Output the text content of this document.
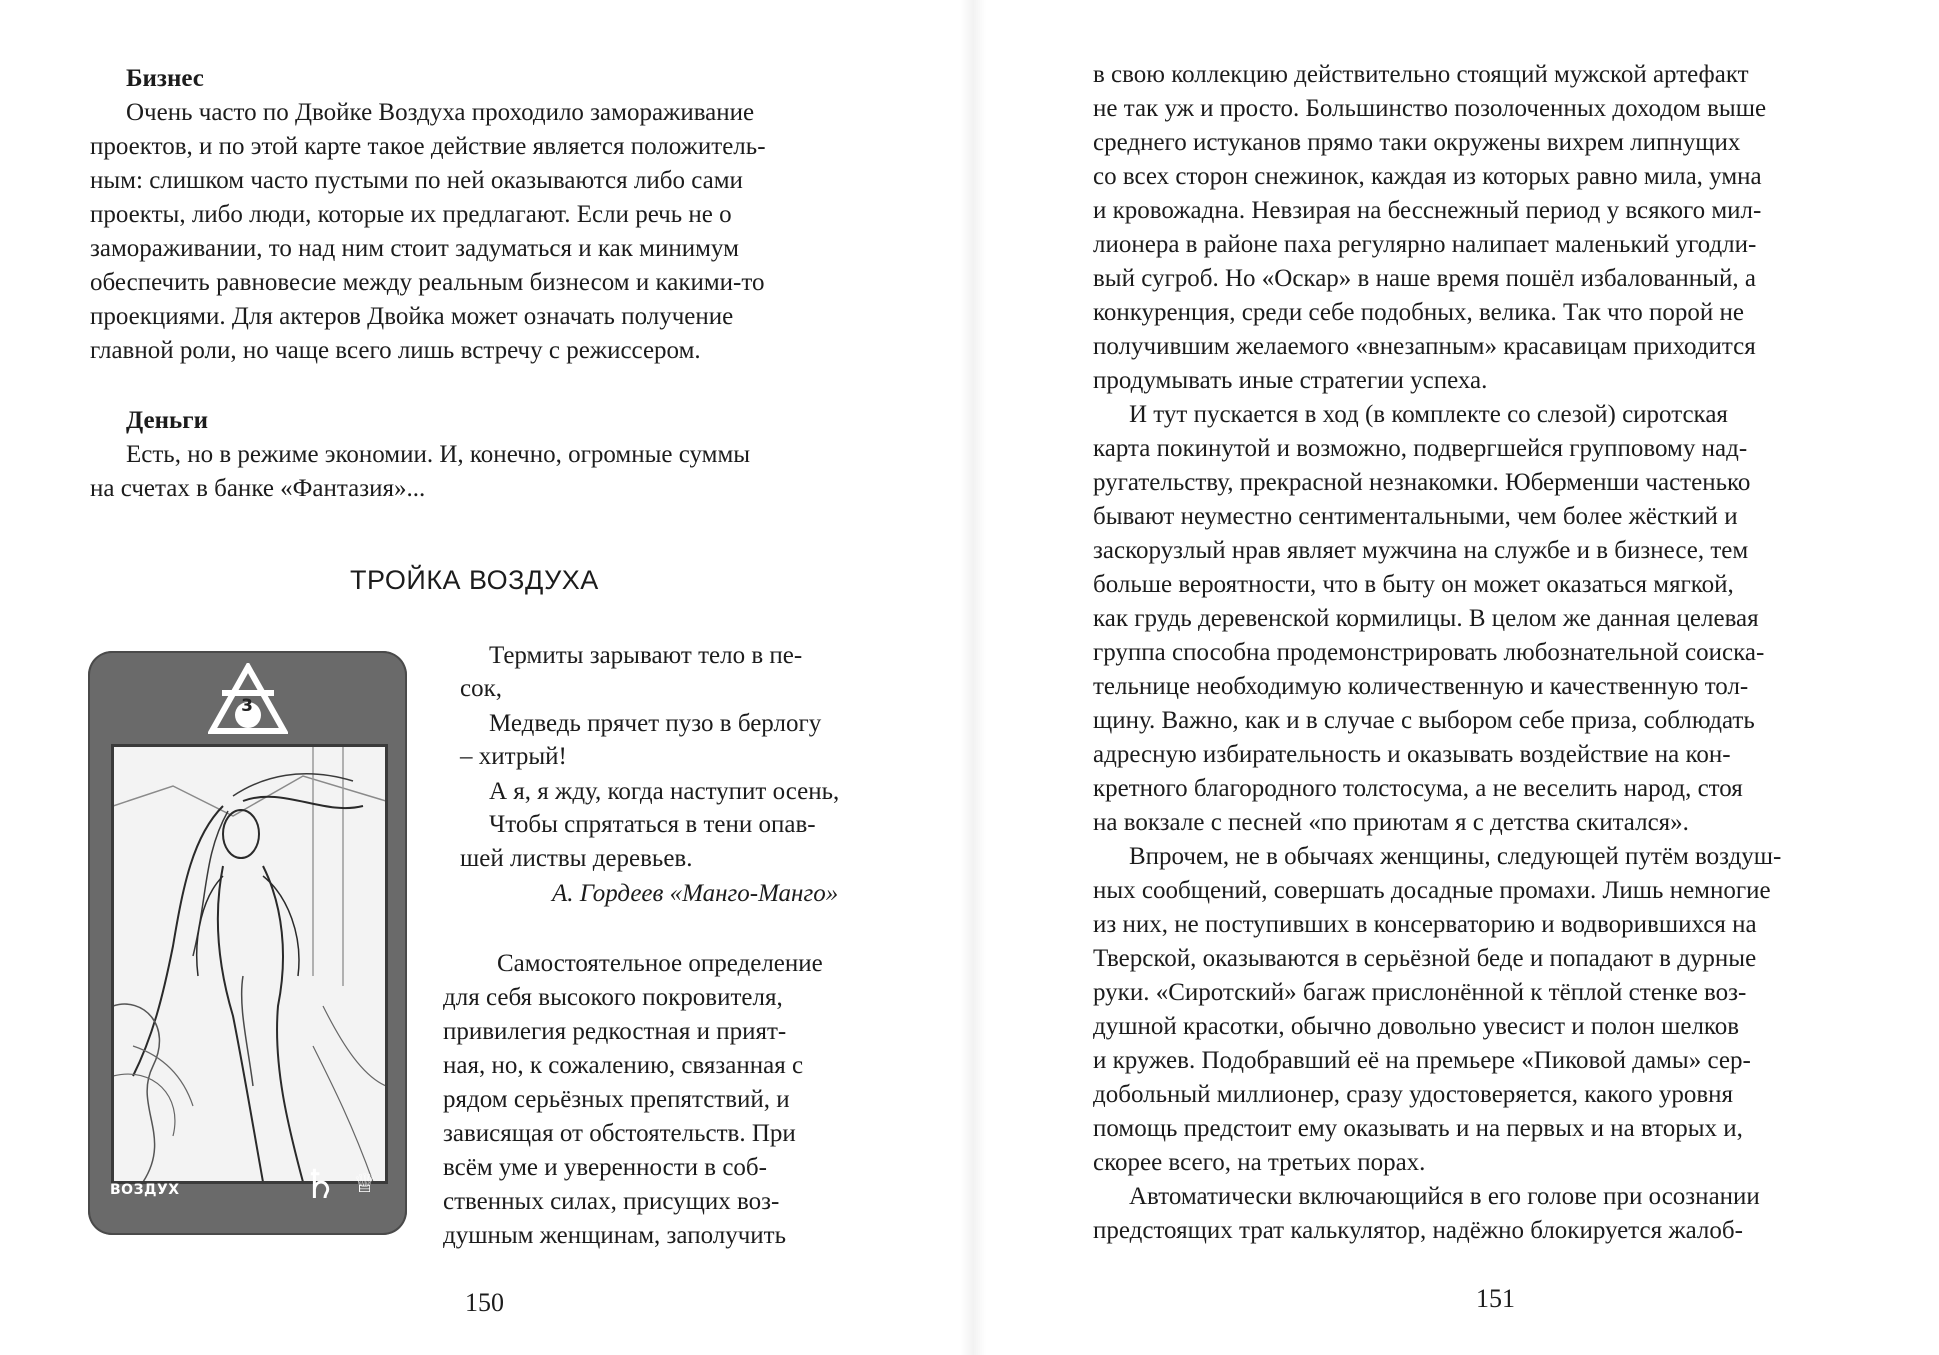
Бизнес

Очень часто по Двойке Воздуха проходило замораживание

проектов, и по этой карте такое действие является положитель-

ным: слишком часто пустыми по ней оказываются либо сами

проекты, либо люди, которые их предлагают. Если речь не о

замораживании, то над ним стоит задуматься и как минимум

обеспечить равновесие между реальным бизнесом и какими-то

проекциями. Для актеров Двойка может означать получение

главной роли, но чаще всего лишь встречу с режиссером.

Деньги

Есть, но в режиме экономии. И, конечно, огромные суммы

на счетах в банке «Фантазия»...

ТРОЙКА ВОЗДУХА
3
ВОЗДУХ	♄ ♕

Термиты зарывают тело в пе-

сок,

Медведь прячет пузо в берлогу

– хитрый!

А я, я жду, когда наступит осень,

Чтобы спрятаться в тени опав-

шей листвы деревьев.

А. Гордеев «Манго-Манго»

Самостоятельное определение

для себя высокого покровителя,

привилегия редкостная и прият-

ная, но, к сожалению, связанная с

рядом серьёзных препятствий, и

зависящая от обстоятельств. При

всём уме и уверенности в соб-

ственных силах, присущих воз-

душным женщинам, заполучить

150

в свою коллекцию действительно стоящий мужской артефакт

не так уж и просто. Большинство позолоченных доходом выше

среднего истуканов прямо таки окружены вихрем липнущих

со всех сторон снежинок, каждая из которых равно мила, умна

и кровожадна. Невзирая на бесснежный период у всякого мил-

лионера в районе паха регулярно налипает маленький угодли-

вый сугроб. Но «Оскар» в наше время пошёл избалованный, а

конкуренция, среди себе подобных, велика. Так что порой не

получившим желаемого «внезапным» красавицам приходится

продумывать иные стратегии успеха.

И тут пускается в ход (в комплекте со слезой) сиротская

карта покинутой и возможно, подвергшейся групповому над-

ругательству, прекрасной незнакомки. Юберменши частенько

бывают неуместно сентиментальными, чем более жёсткий и

заскорузлый нрав являет мужчина на службе и в бизнесе, тем

больше вероятности, что в быту он может оказаться мягкой,

как грудь деревенской кормилицы. В целом же данная целевая

группа способна продемонстрировать любознательной соиска-

тельнице необходимую количественную и качественную тол-

щину. Важно, как и в случае с выбором себе приза, соблюдать

адресную избирательность и оказывать воздействие на кон-

кретного благородного толстосума, а не веселить народ, стоя

на вокзале с песней «по приютам я с детства скитался».

Впрочем, не в обычаях женщины, следующей путём воздуш-

ных сообщений, совершать досадные промахи. Лишь немногие

из них, не поступивших в консерваторию и водворившихся на

Тверской, оказываются в серьёзной беде и попадают в дурные

руки. «Сиротский» багаж прислонённой к тёплой стенке воз-

душной красотки, обычно довольно увесист и полон шелков

и кружев. Подобравший её на премьере «Пиковой дамы» сер-

добольный миллионер, сразу удостоверяется, какого уровня

помощь предстоит ему оказывать и на первых и на вторых и,

скорее всего, на третьих порах.

Автоматически включающийся в его голове при осознании

предстоящих трат калькулятор, надёжно блокируется жалоб-

151
